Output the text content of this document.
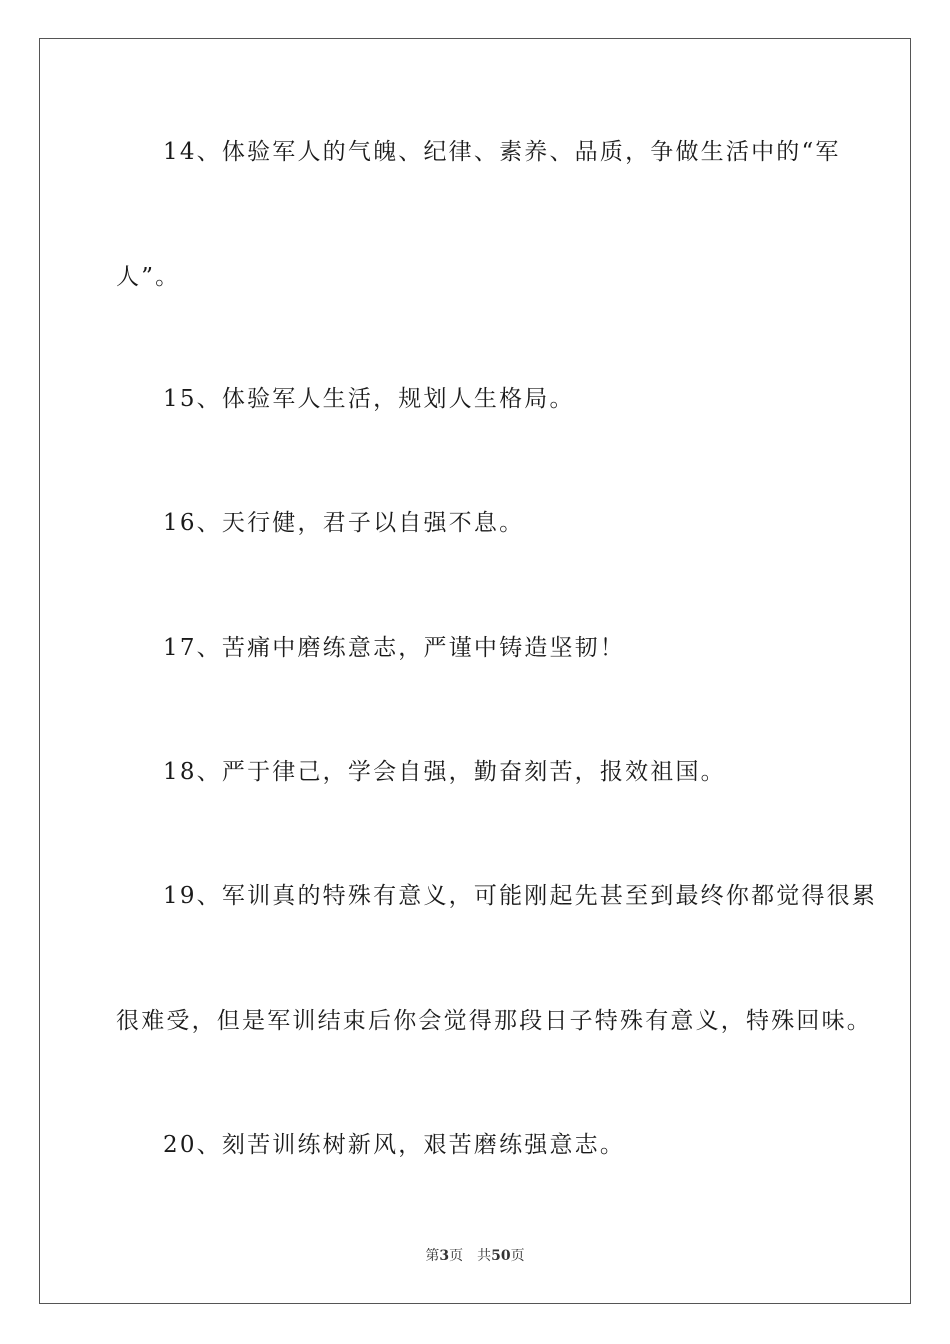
14、体验军人的气魄、纪律、素养、品质，争做生活中的“军
人”。
15、体验军人生活，规划人生格局。
16、天行健，君子以自强不息。
17、苦痛中磨练意志，严谨中铸造坚韧！
18、严于律己，学会自强，勤奋刻苦，报效祖国。
19、军训真的特殊有意义，可能刚起先甚至到最终你都觉得很累
很难受，但是军训结束后你会觉得那段日子特殊有意义，特殊回味。
20、刻苦训练树新风，艰苦磨练强意志。
第3页 共50页
